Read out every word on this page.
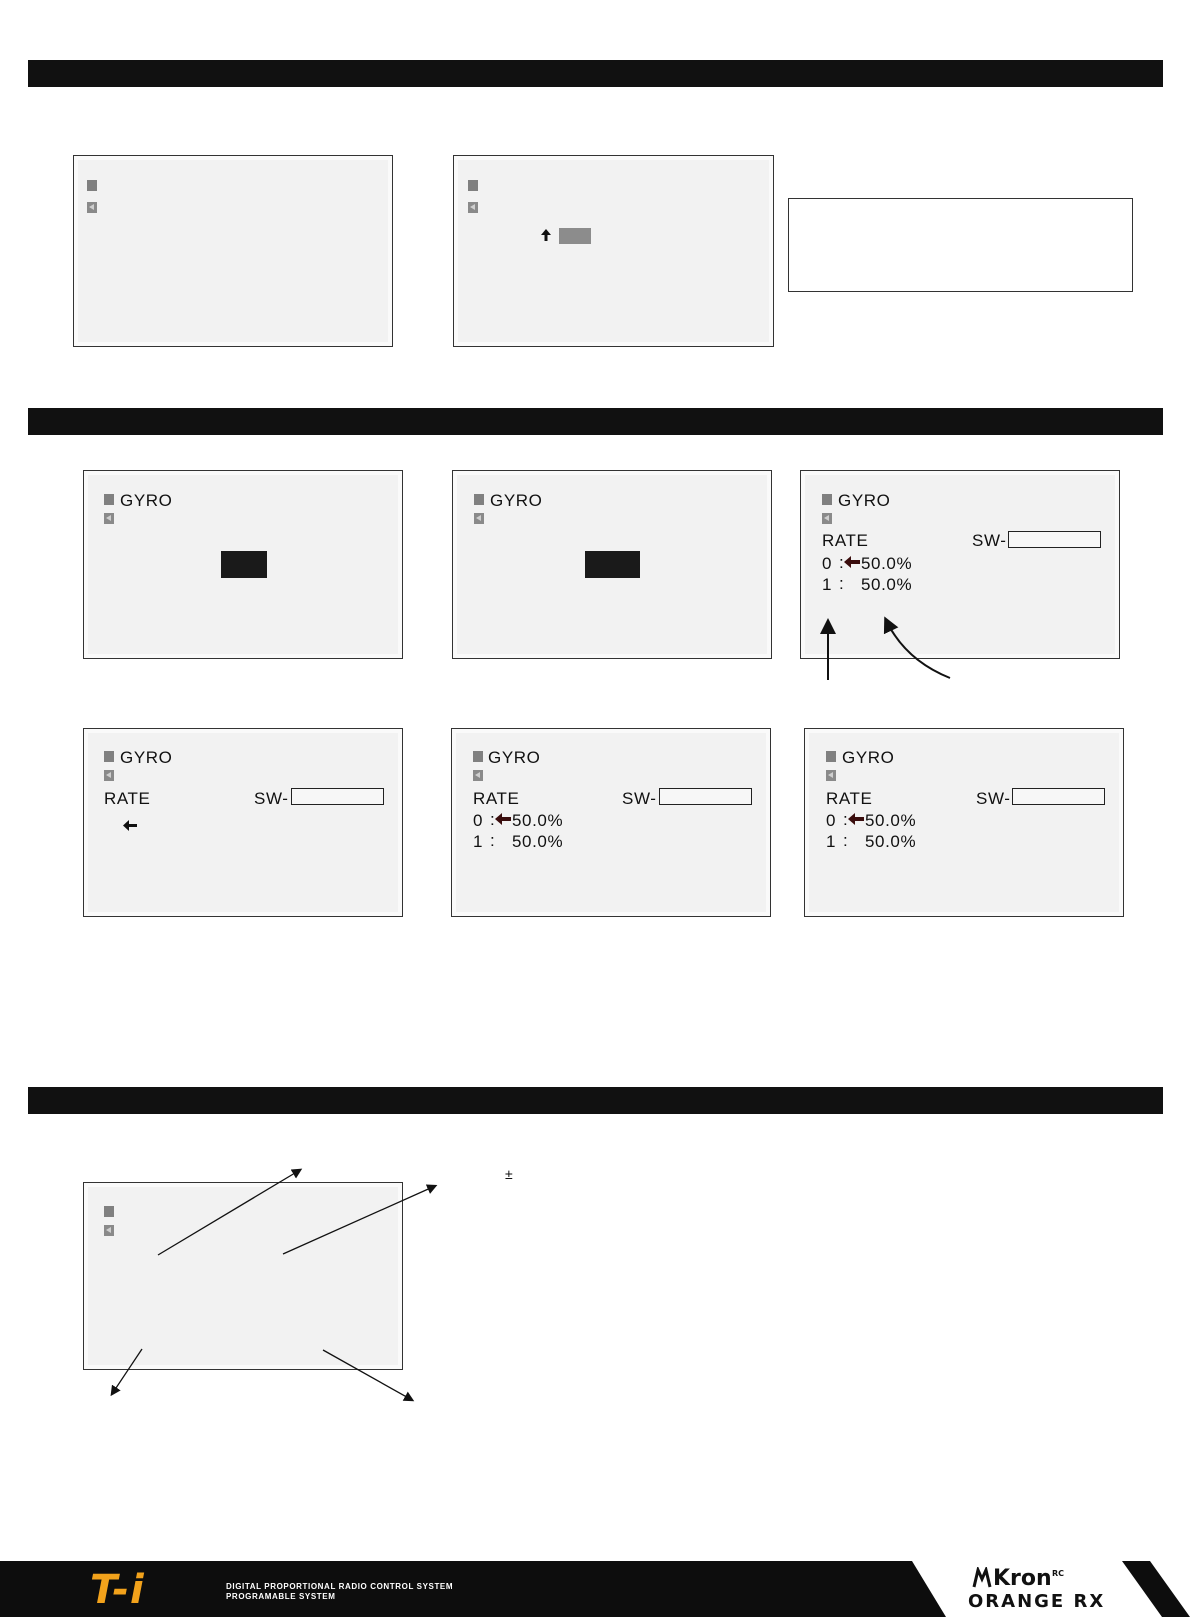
GYRO	GYRO	GYRO
RATE	SW-
0 : 50.0%
1 : 50.0%
GYRO
RATE	SW-
GYRO
RATE	SW-
0 : 50.0%
1 : 50.0%
GYRO
RATE	SW-
0 : 50.0%
1 : 50.0%
±
T-i	DIGITAL PROPORTIONAL RADIO CONTROL SYSTEM
PROGRAMABLE SYSTEM
Kron RC
ORANGE RX
